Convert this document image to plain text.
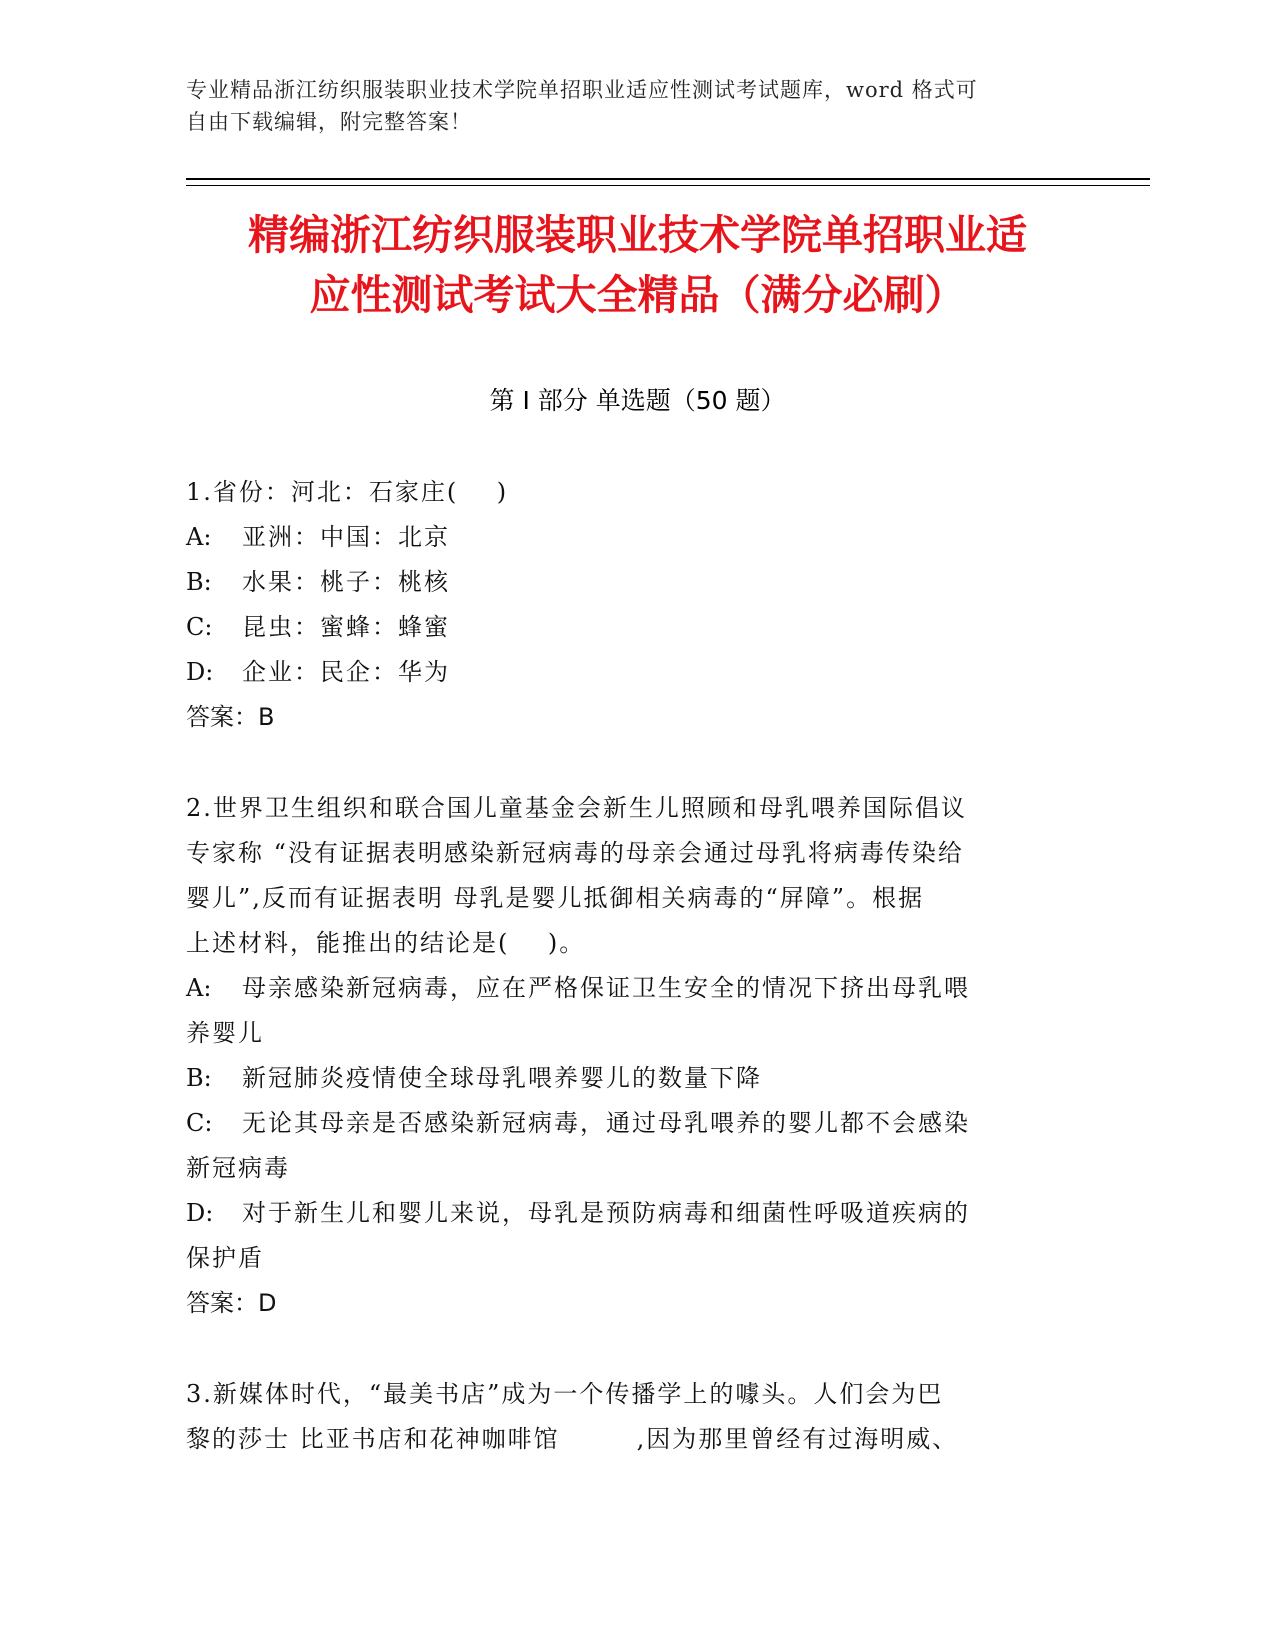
专业精品浙江纺织服装职业技术学院单招职业适应性测试考试题库，word 格式可
自由下载编辑，附完整答案！
精编浙江纺织服装职业技术学院单招职业适
应性测试考试大全精品（满分必刷）
第 I 部分 单选题（50 题）
1.省份：河北：石家庄(    )
A: 亚洲：中国：北京
B: 水果：桃子：桃核
C: 昆虫：蜜蜂：蜂蜜
D: 企业：民企：华为
答案：B
2.世界卫生组织和联合国儿童基金会新生儿照顾和母乳喂养国际倡议
专家称 “没有证据表明感染新冠病毒的母亲会通过母乳将病毒传染给
婴儿”,反而有证据表明 母乳是婴儿抵御相关病毒的“屏障”。根据
上述材料，能推出的结论是(    )。
A: 母亲感染新冠病毒，应在严格保证卫生安全的情况下挤出母乳喂
养婴儿
B: 新冠肺炎疫情使全球母乳喂养婴儿的数量下降
C: 无论其母亲是否感染新冠病毒，通过母乳喂养的婴儿都不会感染
新冠病毒
D: 对于新生儿和婴儿来说，母乳是预防病毒和细菌性呼吸道疾病的
保护盾
答案：D
3.新媒体时代，“最美书店”成为一个传播学上的噱头。人们会为巴
黎的莎士 比亚书店和花神咖啡馆        ,因为那里曾经有过海明威、
